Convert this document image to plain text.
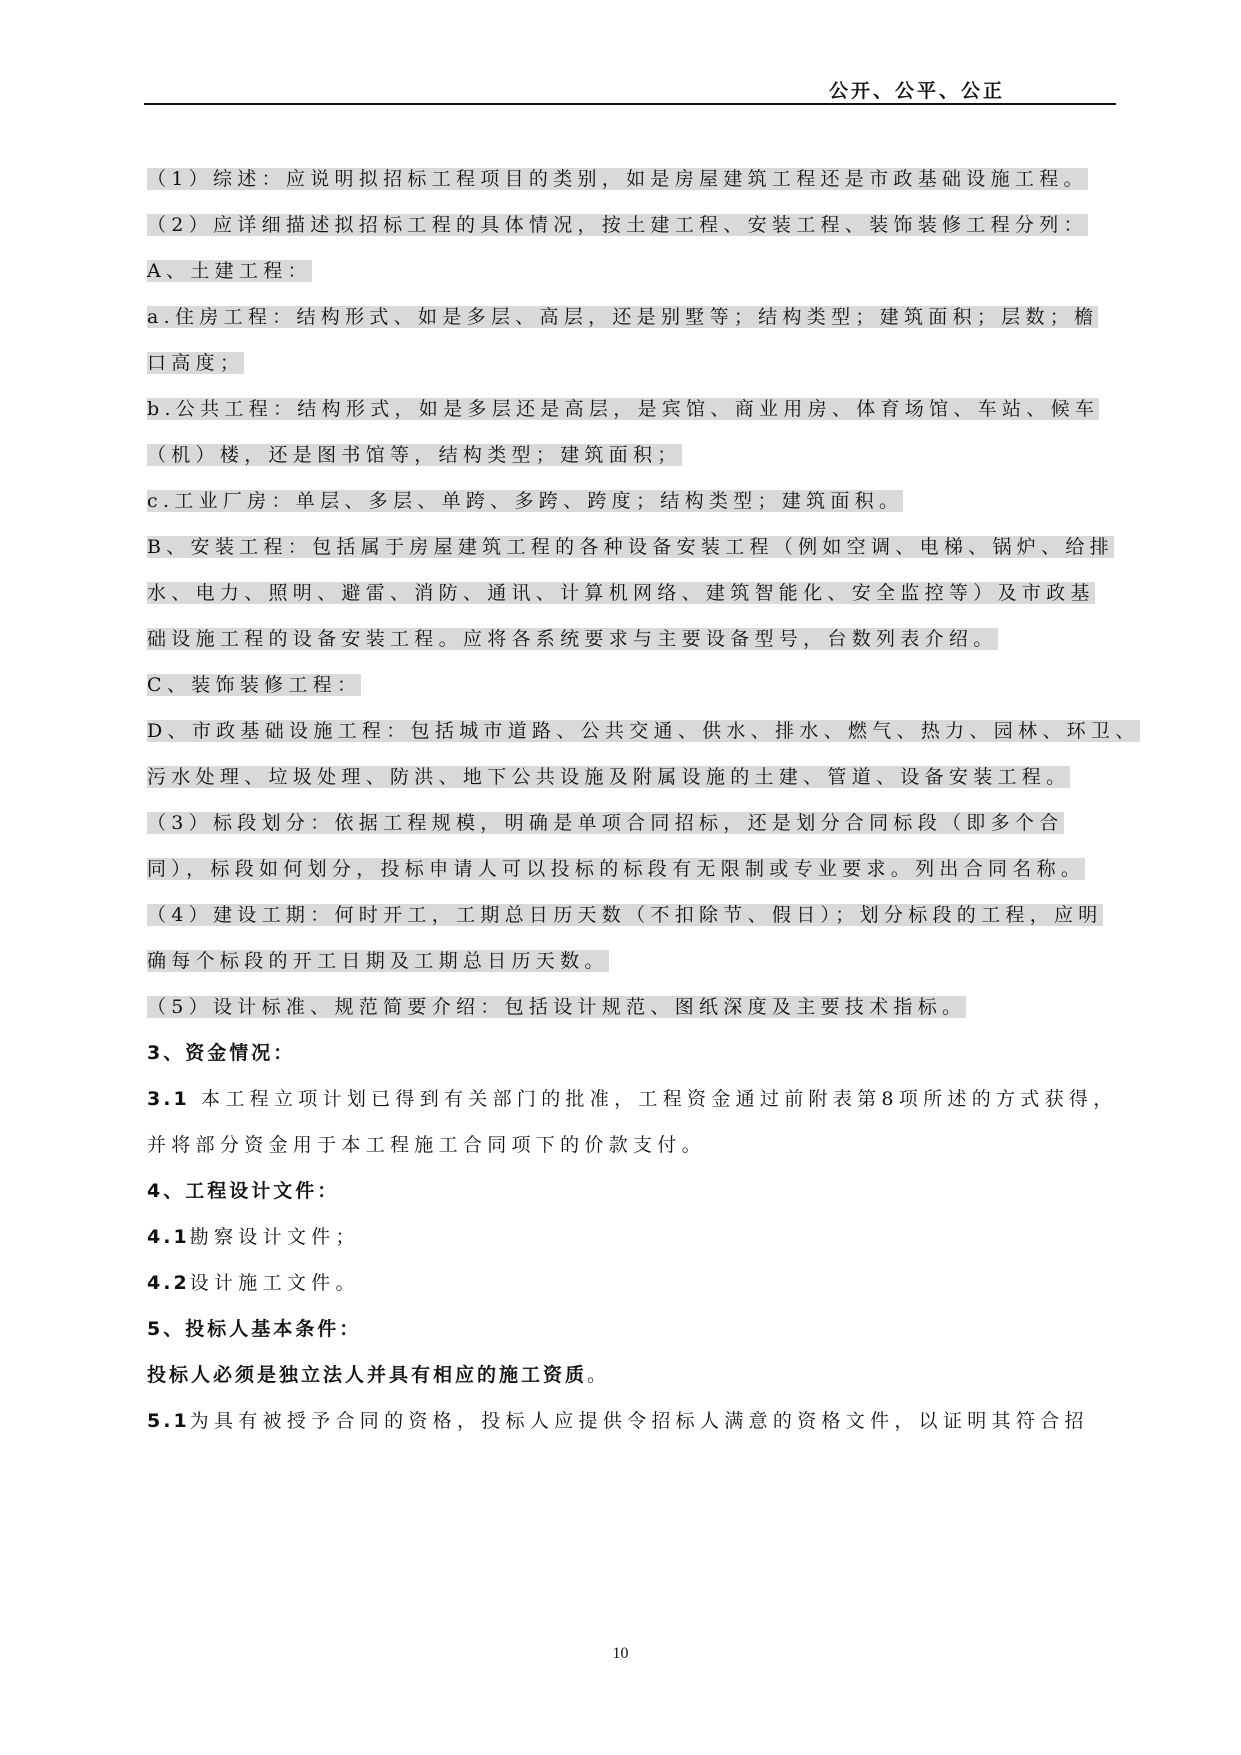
公开、公平、公正
（1）综述：应说明拟招标工程项目的类别，如是房屋建筑工程还是市政基础设施工程。
（2）应详细描述拟招标工程的具体情况，按土建工程、安装工程、装饰装修工程分列：
A、土建工程：
a.住房工程：结构形式、如是多层、高层，还是别墅等；结构类型；建筑面积；层数；檐
口高度；
b.公共工程：结构形式，如是多层还是高层，是宾馆、商业用房、体育场馆、车站、候车
（机）楼，还是图书馆等，结构类型；建筑面积；
c.工业厂房：单层、多层、单跨、多跨、跨度；结构类型；建筑面积。
B、安装工程：包括属于房屋建筑工程的各种设备安装工程（例如空调、电梯、锅炉、给排
水、电力、照明、避雷、消防、通讯、计算机网络、建筑智能化、安全监控等）及市政基
础设施工程的设备安装工程。应将各系统要求与主要设备型号，台数列表介绍。
C、装饰装修工程：
D、市政基础设施工程：包括城市道路、公共交通、供水、排水、燃气、热力、园林、环卫、
污水处理、垃圾处理、防洪、地下公共设施及附属设施的土建、管道、设备安装工程。
（3）标段划分：依据工程规模，明确是单项合同招标，还是划分合同标段（即多个合
同），标段如何划分，投标申请人可以投标的标段有无限制或专业要求。列出合同名称。
（4）建设工期：何时开工，工期总日历天数（不扣除节、假日）；划分标段的工程，应明
确每个标段的开工日期及工期总日历天数。
（5）设计标准、规范简要介绍：包括设计规范、图纸深度及主要技术指标。
3、资金情况：
3.1 本工程立项计划已得到有关部门的批准，工程资金通过前附表第8项所述的方式获得，
并将部分资金用于本工程施工合同项下的价款支付。
4、工程设计文件：
4.1勘察设计文件；
4.2设计施工文件。
5、投标人基本条件：
投标人必须是独立法人并具有相应的施工资质。
5.1为具有被授予合同的资格，投标人应提供令招标人满意的资格文件，以证明其符合招
10
